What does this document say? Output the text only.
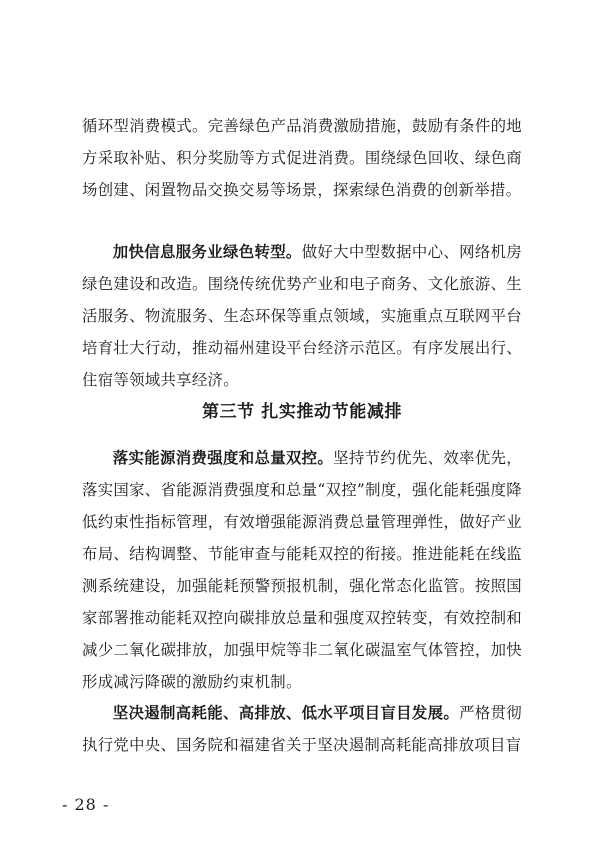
循环型消费模式。完善绿色产品消费激励措施，鼓励有条件的地方采取补贴、积分奖励等方式促进消费。围绕绿色回收、绿色商场创建、闲置物品交换交易等场景，探索绿色消费的创新举措。

加快信息服务业绿色转型。做好大中型数据中心、网络机房绿色建设和改造。围绕传统优势产业和电子商务、文化旅游、生活服务、物流服务、生态环保等重点领域，实施重点互联网平台培育壮大行动，推动福州建设平台经济示范区。有序发展出行、住宿等领域共享经济。

第三节 扎实推动节能减排

落实能源消费强度和总量双控。坚持节约优先、效率优先，落实国家、省能源消费强度和总量“双控”制度，强化能耗强度降低约束性指标管理，有效增强能源消费总量管理弹性，做好产业布局、结构调整、节能审查与能耗双控的衔接。推进能耗在线监测系统建设，加强能耗预警预报机制，强化常态化监管。按照国家部署推动能耗双控向碳排放总量和强度双控转变，有效控制和减少二氧化碳排放，加强甲烷等非二氧化碳温室气体管控，加快形成减污降碳的激励约束机制。

坚决遏制高耗能、高排放、低水平项目盲目发展。严格贯彻执行党中央、国务院和福建省关于坚决遏制高耗能高排放项目盲

- 28 -
